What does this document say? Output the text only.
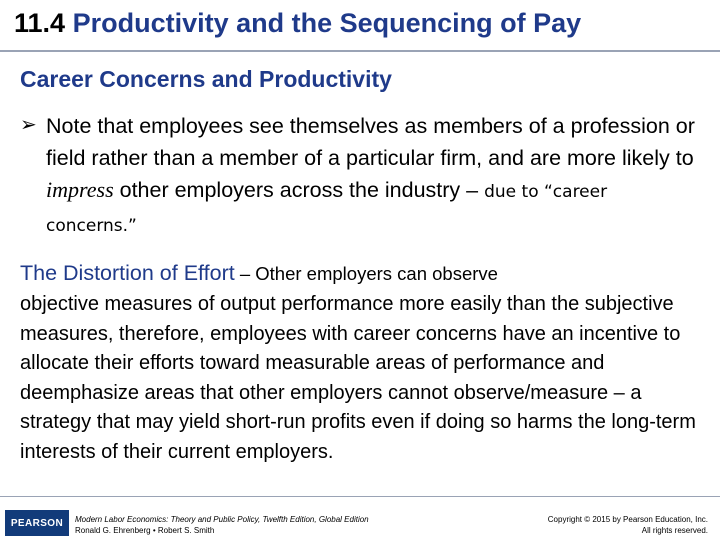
11.4 Productivity and the Sequencing of Pay
Career Concerns and Productivity
➢ Note that employees see themselves as members of a profession or field rather than a member of a particular firm, and are more likely to impress other employers across the industry – due to “career concerns.”
The Distortion of Effort – Other employers can observe
objective measures of output performance more easily than the subjective measures, therefore, employees with career concerns have an incentive to allocate their efforts toward measurable areas of performance and deemphasize areas that other employers cannot observe/measure – a strategy that may yield short-run profits even if doing so harms the long-term interests of their current employers.
PEARSON	Modern Labor Economics: Theory and Public Policy, Twelfth Edition, Global Edition
Ronald G. Ehrenberg • Robert S. Smith
Copyright © 2015 by Pearson Education, Inc.
All rights reserved.
